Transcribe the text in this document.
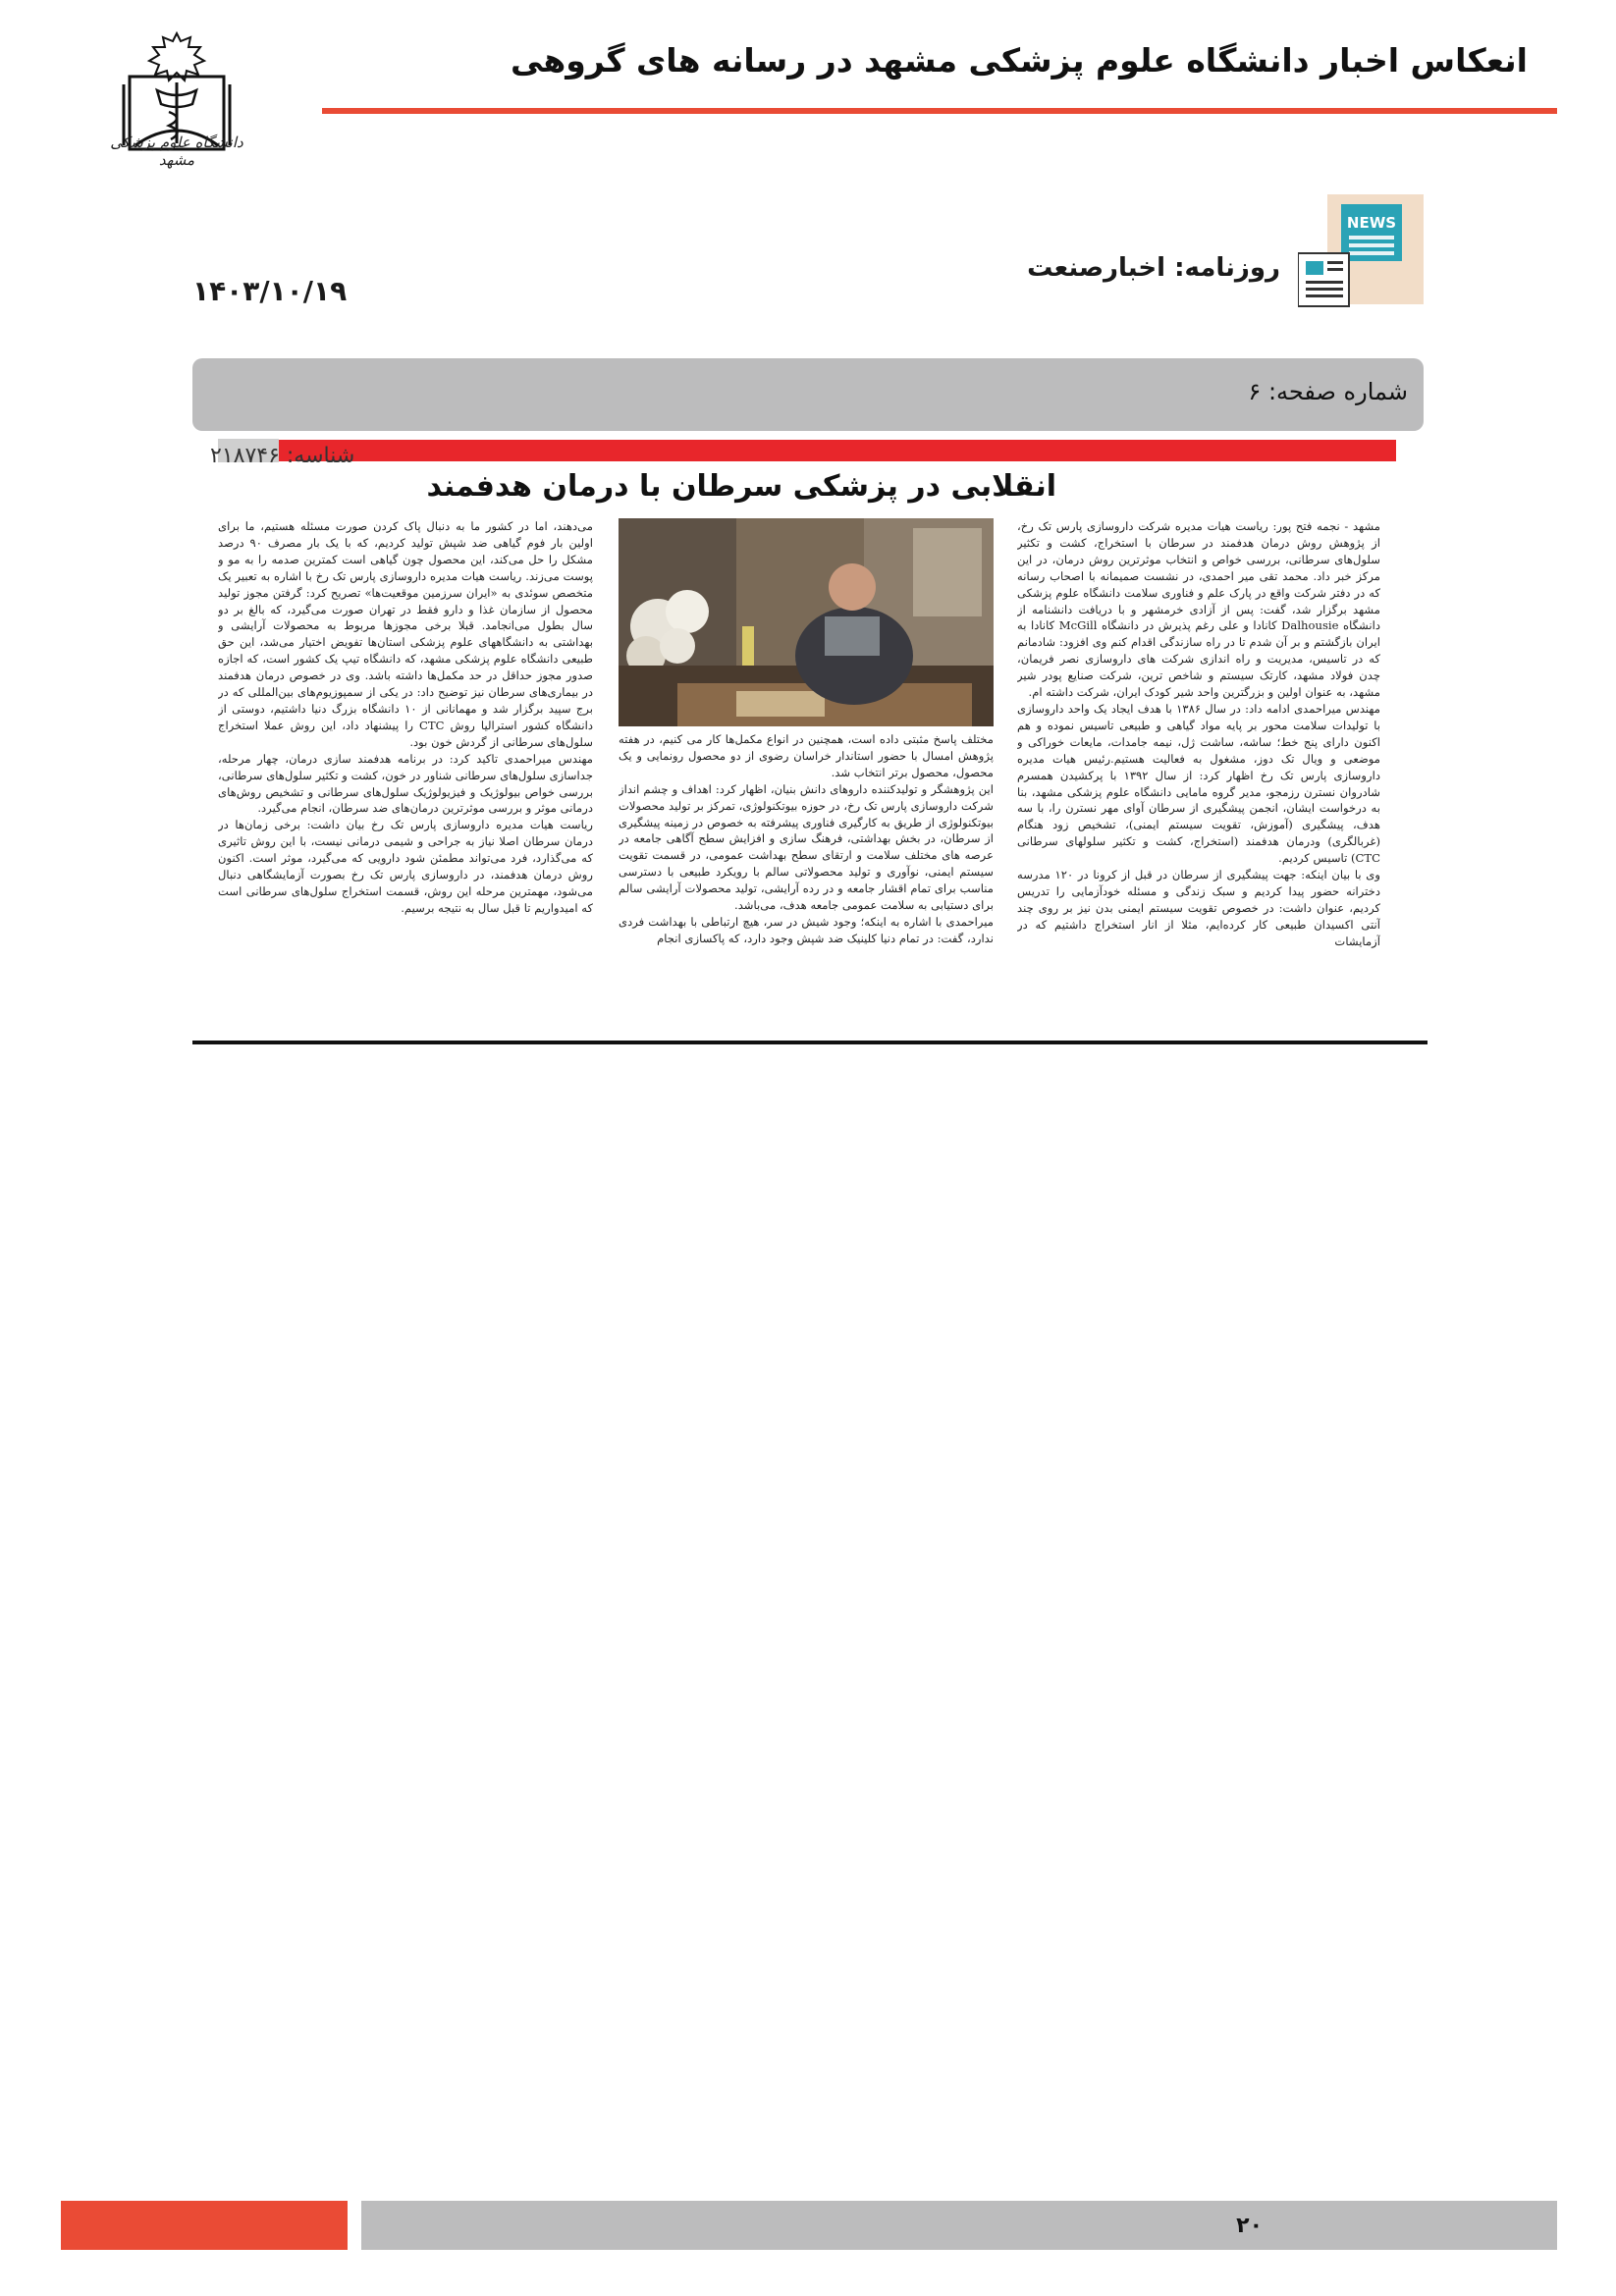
انعکاس اخبار دانشگاه علوم پزشکی مشهد در رسانه های گروهی
دانشگاه علوم پزشکی مشهد
NEWS
روزنامه: اخبارصنعت
۱۴۰۳/۱۰/۱۹
شماره صفحه: ۶
شناسه: ۲۱۸۷۴۶
انقلابی در پزشکی سرطان با درمان هدفمند

مشهد - نجمه فتح پور: ریاست هیات مدیره شرکت داروسازی پارس تک رخ، از پژوهش روش درمان هدفمند در سرطان با استخراج، کشت و تکثیر سلول‌های سرطانی، بررسی خواص و انتخاب موثرترین روش درمان، در این مرکز خبر داد. محمد تقی میر احمدی، در نشست صمیمانه با اصحاب رسانه که در دفتر شرکت واقع در پارک علم و فناوری سلامت دانشگاه علوم پزشکی مشهد برگزار شد، گفت: پس از آزادی خرمشهر و با دریافت دانشنامه از دانشگاه Dalhousie کانادا و علی رغم پذیرش در دانشگاه McGill کانادا به ایران بازگشتم و بر آن شدم تا در راه سازندگی اقدام کنم وی افزود: شادمانم که در تاسیس، مدیریت و راه اندازی شرکت های داروسازی نصر فریمان، چدن فولاد مشهد، کارتک سیستم و شاخص ترین، شرکت صنایع پودر شیر مشهد، به عنوان اولین و بزرگترین واحد شیر کودک ایران، شرکت داشته ام.

مهندس میراحمدی ادامه داد: در سال ۱۳۸۶ با هدف ایجاد یک واحد داروسازی با تولیدات سلامت محور بر پایه مواد گیاهی و طبیعی تاسیس نموده و هم اکنون دارای پنج خط؛ ساشه، ساشت ژل، نیمه جامدات، مایعات خوراکی و موضعی و ویال تک دوز، مشغول به فعالیت هستیم.رئیس هیات مدیره داروسازی پارس تک رخ اظهار کرد: از سال ۱۳۹۲ با پرکشیدن همسرم شادروان نسترن رزمجو، مدیر گروه مامایی دانشگاه علوم پزشکی مشهد، بنا به درخواست ایشان، انجمن پیشگیری از سرطان آوای مهر نسترن را، با سه هدف، پیشگیری (آموزش، تقویت سیستم ایمنی)، تشخیص زود هنگام (غربالگری) ودرمان هدفمند (استخراج، کشت و تکثیر سلولهای سرطانی CTC) تاسیس کردیم.

وی با بیان اینکه: جهت پیشگیری از سرطان در قبل از کرونا در ۱۲۰ مدرسه دخترانه حضور پیدا کردیم و سبک زندگی و مسئله خودآزمایی را تدریس کردیم، عنوان داشت: در خصوص تقویت سیستم ایمنی بدن نیز بر روی چند آنتی اکسیدان طبیعی کار کرده‌ایم، مثلا از انار استخراج داشتیم که در آزمایشات

مختلف پاسخ مثبتی داده است، همچنین در انواع مکمل‌ها کار می کنیم، در هفته پژوهش امسال با حضور استاندار خراسان رضوی از دو محصول رونمایی و یک محصول، محصول برتر انتخاب شد.

این پژوهشگر و تولیدکننده داروهای دانش بنیان، اظهار کرد: اهداف و چشم انداز شرکت داروسازی پارس تک رخ، در حوزه بیوتکنولوژی، تمرکز بر تولید محصولات بیوتکنولوژی از طریق به کارگیری فناوری پیشرفته به خصوص در زمینه پیشگیری از سرطان، در بخش بهداشتی، فرهنگ سازی و افزایش سطح آگاهی جامعه در عرصه های مختلف سلامت و ارتقای سطح بهداشت عمومی، در قسمت تقویت سیستم ایمنی، نوآوری و تولید محصولاتی سالم با رویکرد طبیعی با دسترسی مناسب برای تمام اقشار جامعه و در رده آرایشی، تولید محصولات آرایشی سالم برای دستیابی به سلامت عمومی جامعه هدف، می‌باشد.

میراحمدی با اشاره به اینکه؛ وجود شیش در سر، هیچ ارتباطی با بهداشت فردی ندارد، گفت: در تمام دنیا کلینیک ضد شپش وجود دارد، که پاکسازی انجام

می‌دهند، اما در کشور ما به دنبال پاک کردن صورت مسئله هستیم، ما برای اولین بار فوم گیاهی ضد شپش تولید کردیم، که با یک بار مصرف ۹۰ درصد مشکل را حل می‌کند، این محصول چون گیاهی است کمترین صدمه را به مو و پوست می‌زند. ریاست هیات مدیره داروسازی پارس تک رخ با اشاره به تعبیر یک متخصص سوئدی به «ایران سرزمین موقعیت‌ها» تصریح کرد: گرفتن مجوز تولید محصول از سازمان غذا و دارو فقط در تهران صورت می‌گیرد، که بالغ بر دو سال بطول می‌انجامد. قبلا برخی مجوزها مربوط به محصولات آرایشی و بهداشتی به دانشگاههای علوم پزشکی استان‌ها تفویض اختیار می‌شد، این حق طبیعی دانشگاه علوم پزشکی مشهد، که دانشگاه تیپ یک کشور است، که اجازه صدور مجوز حداقل در حد مکمل‌ها داشته باشد. وی در خصوص درمان هدفمند در بیماری‌های سرطان نیز توضیح داد: در یکی از سمپوزیوم‌های بین‌المللی که در برج سپید برگزار شد و مهمانانی از ۱۰ دانشگاه بزرگ دنیا داشتیم، دوستی از دانشگاه کشور استرالیا روش CTC را پیشنهاد داد، این روش عملا استخراج سلول‌های سرطانی از گردش خون بود.

مهندس میراحمدی تاکید کرد: در برنامه هدفمند سازی درمان، چهار مرحله، جداسازی سلول‌های سرطانی شناور در خون، کشت و تکثیر سلول‌های سرطانی، بررسی خواص بیولوژیک و فیزیولوژیک سلول‌های سرطانی و تشخیص روش‌های درمانی موثر و بررسی موثرترین درمان‌های ضد سرطان، انجام می‌گیرد.

ریاست هیات مدیره داروسازی پارس تک رخ بیان داشت: برخی زمان‌ها در درمان سرطان اصلا نیاز به جراحی و شیمی درمانی نیست، با این روش تاثیری که می‌گذارد، فرد می‌تواند مطمئن شود دارویی که می‌گیرد، موثر است. اکنون روش درمان هدفمند، در داروسازی پارس تک رخ بصورت آزمایشگاهی دنبال می‌شود، مهمترین مرحله این روش، قسمت استخراج سلول‌های سرطانی است که امیدواریم تا قبل سال به نتیجه برسیم.

۲۰
